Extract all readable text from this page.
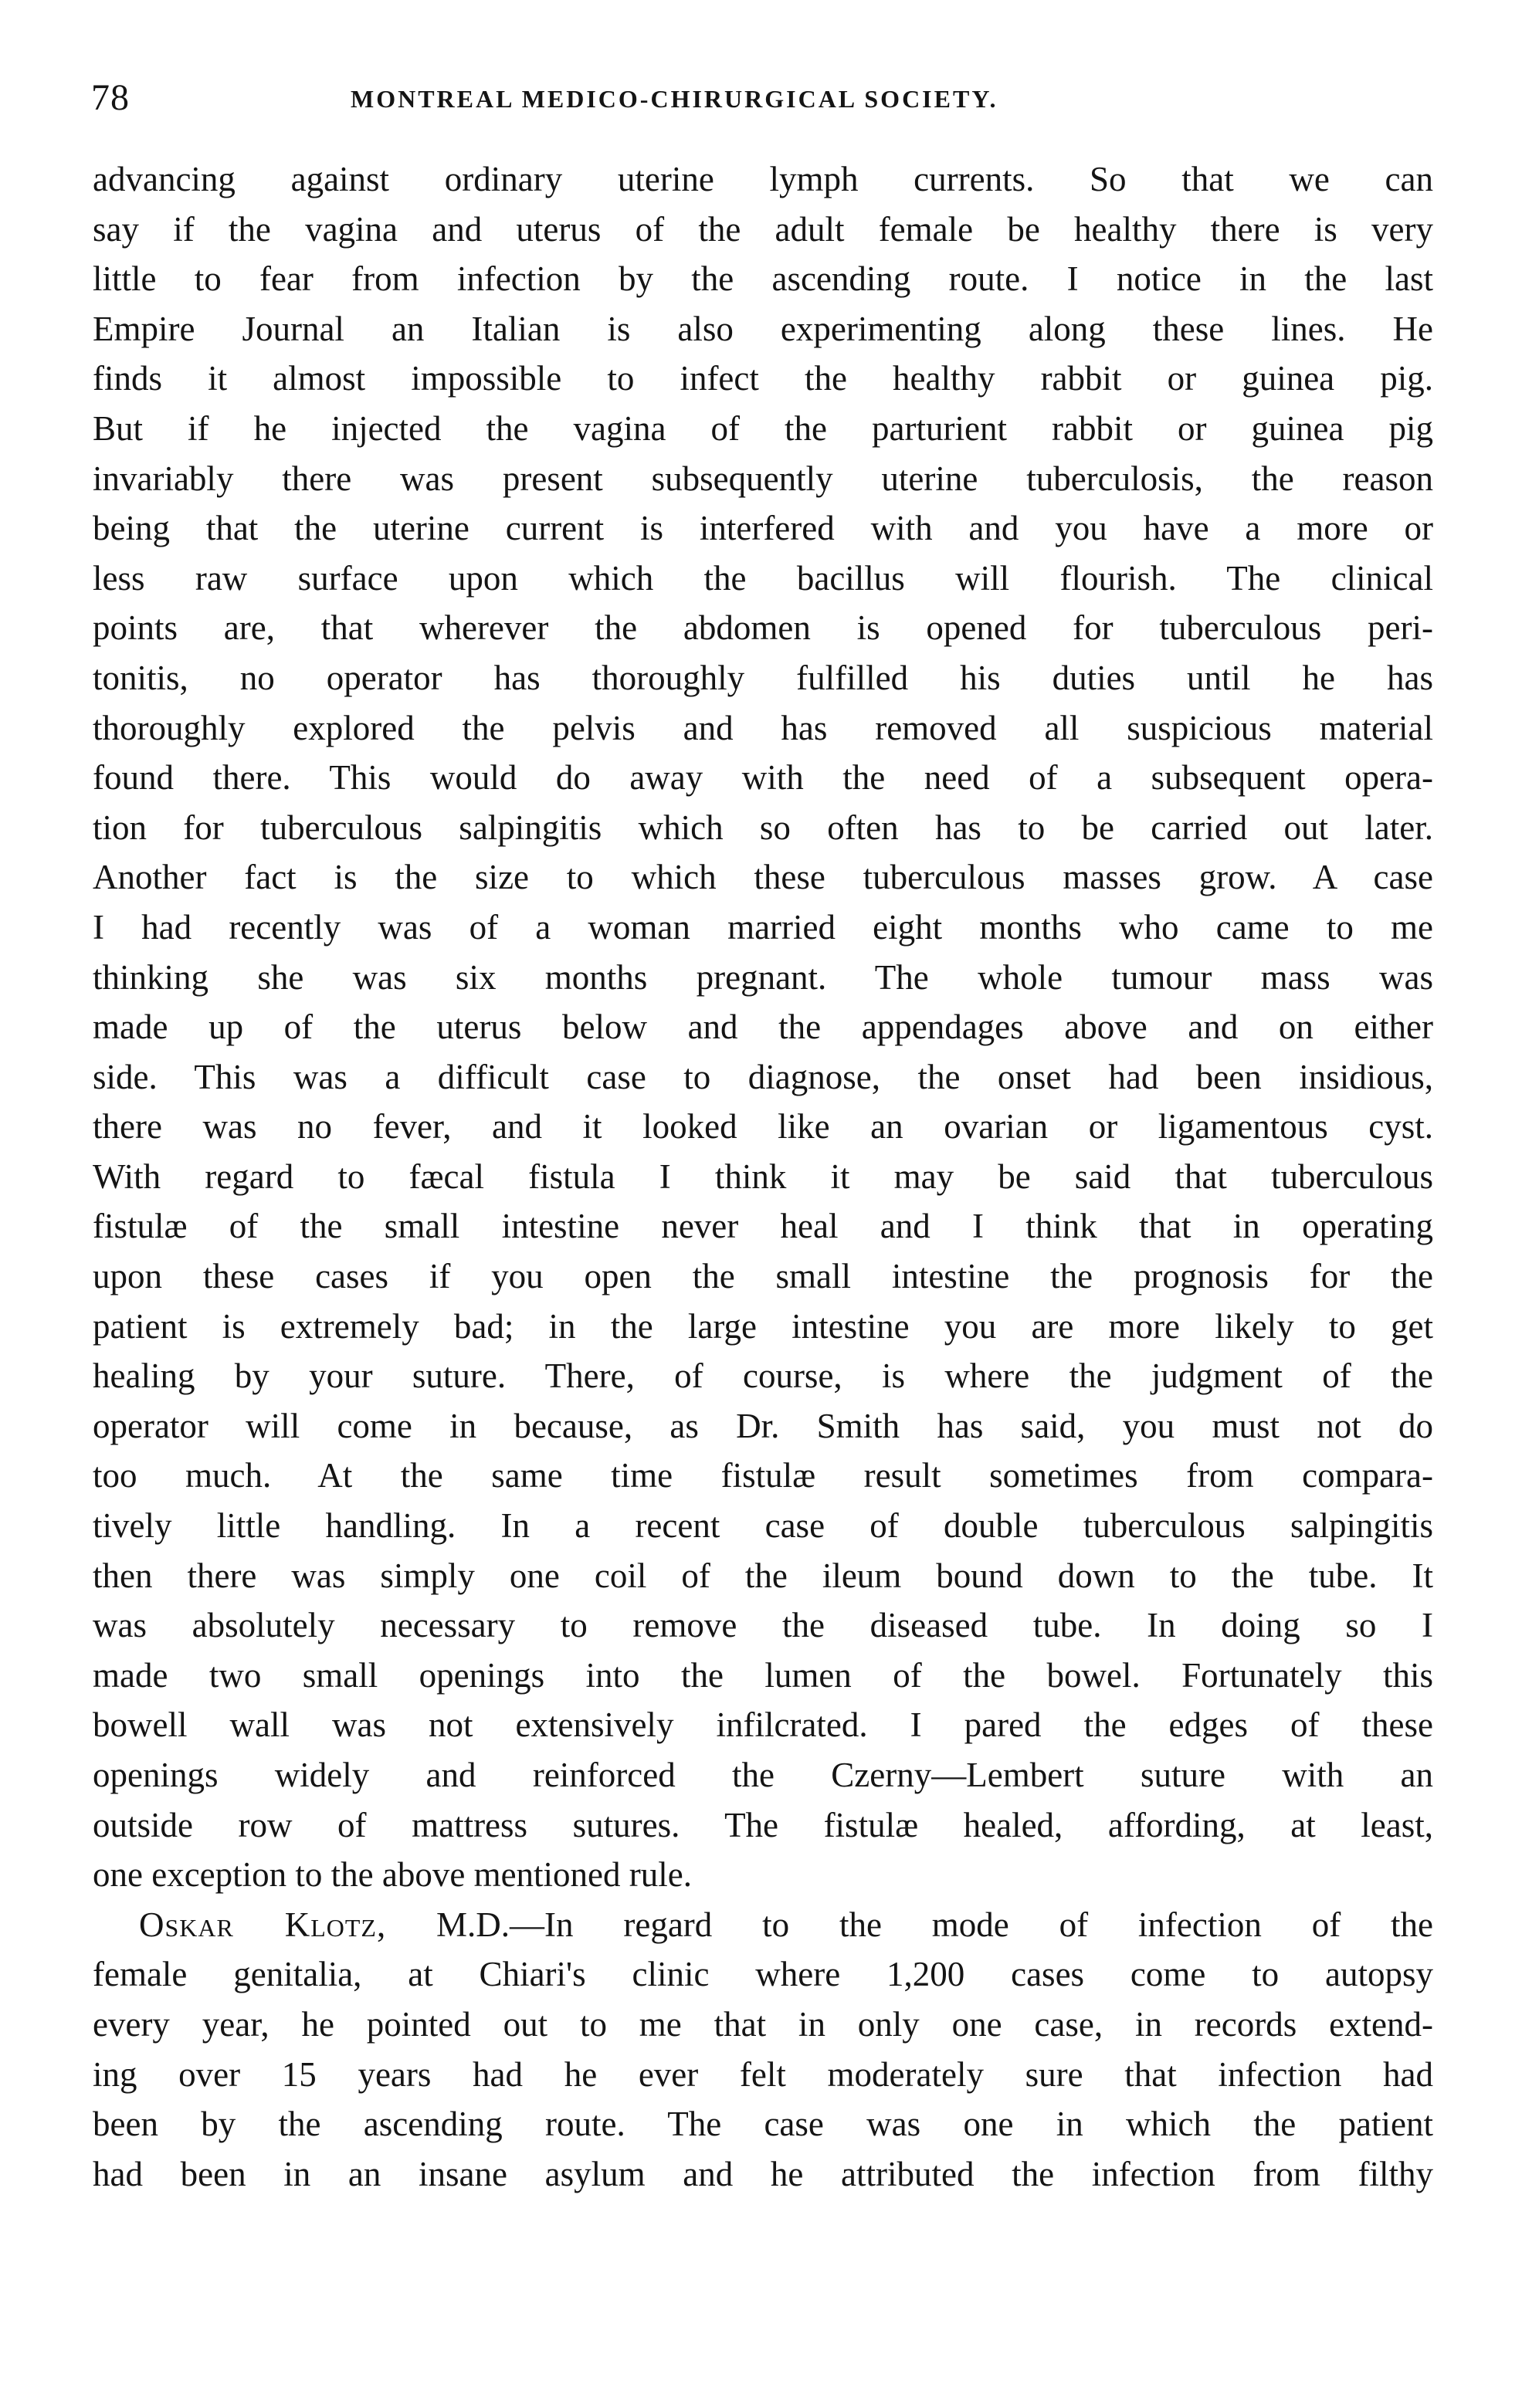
78	MONTREAL MEDICO-CHIRURGICAL SOCIETY.
advancing against ordinary uterine lymph currents. So that we can
say if the vagina and uterus of the adult female be healthy there is very
little to fear from infection by the ascending route. I notice in the last
Empire Journal an Italian is also experimenting along these lines. He
finds it almost impossible to infect the healthy rabbit or guinea pig.
But if he injected the vagina of the parturient rabbit or guinea pig
invariably there was present subsequently uterine tuberculosis, the reason
being that the uterine current is interfered with and you have a more or
less raw surface upon which the bacillus will flourish. The clinical
points are, that wherever the abdomen is opened for tuberculous peri-
tonitis, no operator has thoroughly fulfilled his duties until he has
thoroughly explored the pelvis and has removed all suspicious material
found there. This would do away with the need of a subsequent opera-
tion for tuberculous salpingitis which so often has to be carried out later.
Another fact is the size to which these tuberculous masses grow. A case
I had recently was of a woman married eight months who came to me
thinking she was six months pregnant. The whole tumour mass was
made up of the uterus below and the appendages above and on either
side. This was a difficult case to diagnose, the onset had been insidious,
there was no fever, and it looked like an ovarian or ligamentous cyst.
With regard to fæcal fistula I think it may be said that tuberculous
fistulæ of the small intestine never heal and I think that in operating
upon these cases if you open the small intestine the prognosis for the
patient is extremely bad; in the large intestine you are more likely to get
healing by your suture. There, of course, is where the judgment of the
operator will come in because, as Dr. Smith has said, you must not do
too much. At the same time fistulæ result sometimes from compara-
tively little handling. In a recent case of double tuberculous salpingitis
then there was simply one coil of the ileum bound down to the tube. It
was absolutely necessary to remove the diseased tube. In doing so I
made two small openings into the lumen of the bowel. Fortunately this
bowell wall was not extensively infilcrated. I pared the edges of these
openings widely and reinforced the Czerny—Lembert suture with an
outside row of mattress sutures. The fistulæ healed, affording, at least,
one exception to the above mentioned rule.
Oskar Klotz, M.D.—In regard to the mode of infection of the
female genitalia, at Chiari's clinic where 1,200 cases come to autopsy
every year, he pointed out to me that in only one case, in records extend-
ing over 15 years had he ever felt moderately sure that infection had
been by the ascending route. The case was one in which the patient
had been in an insane asylum and he attributed the infection from filthy
